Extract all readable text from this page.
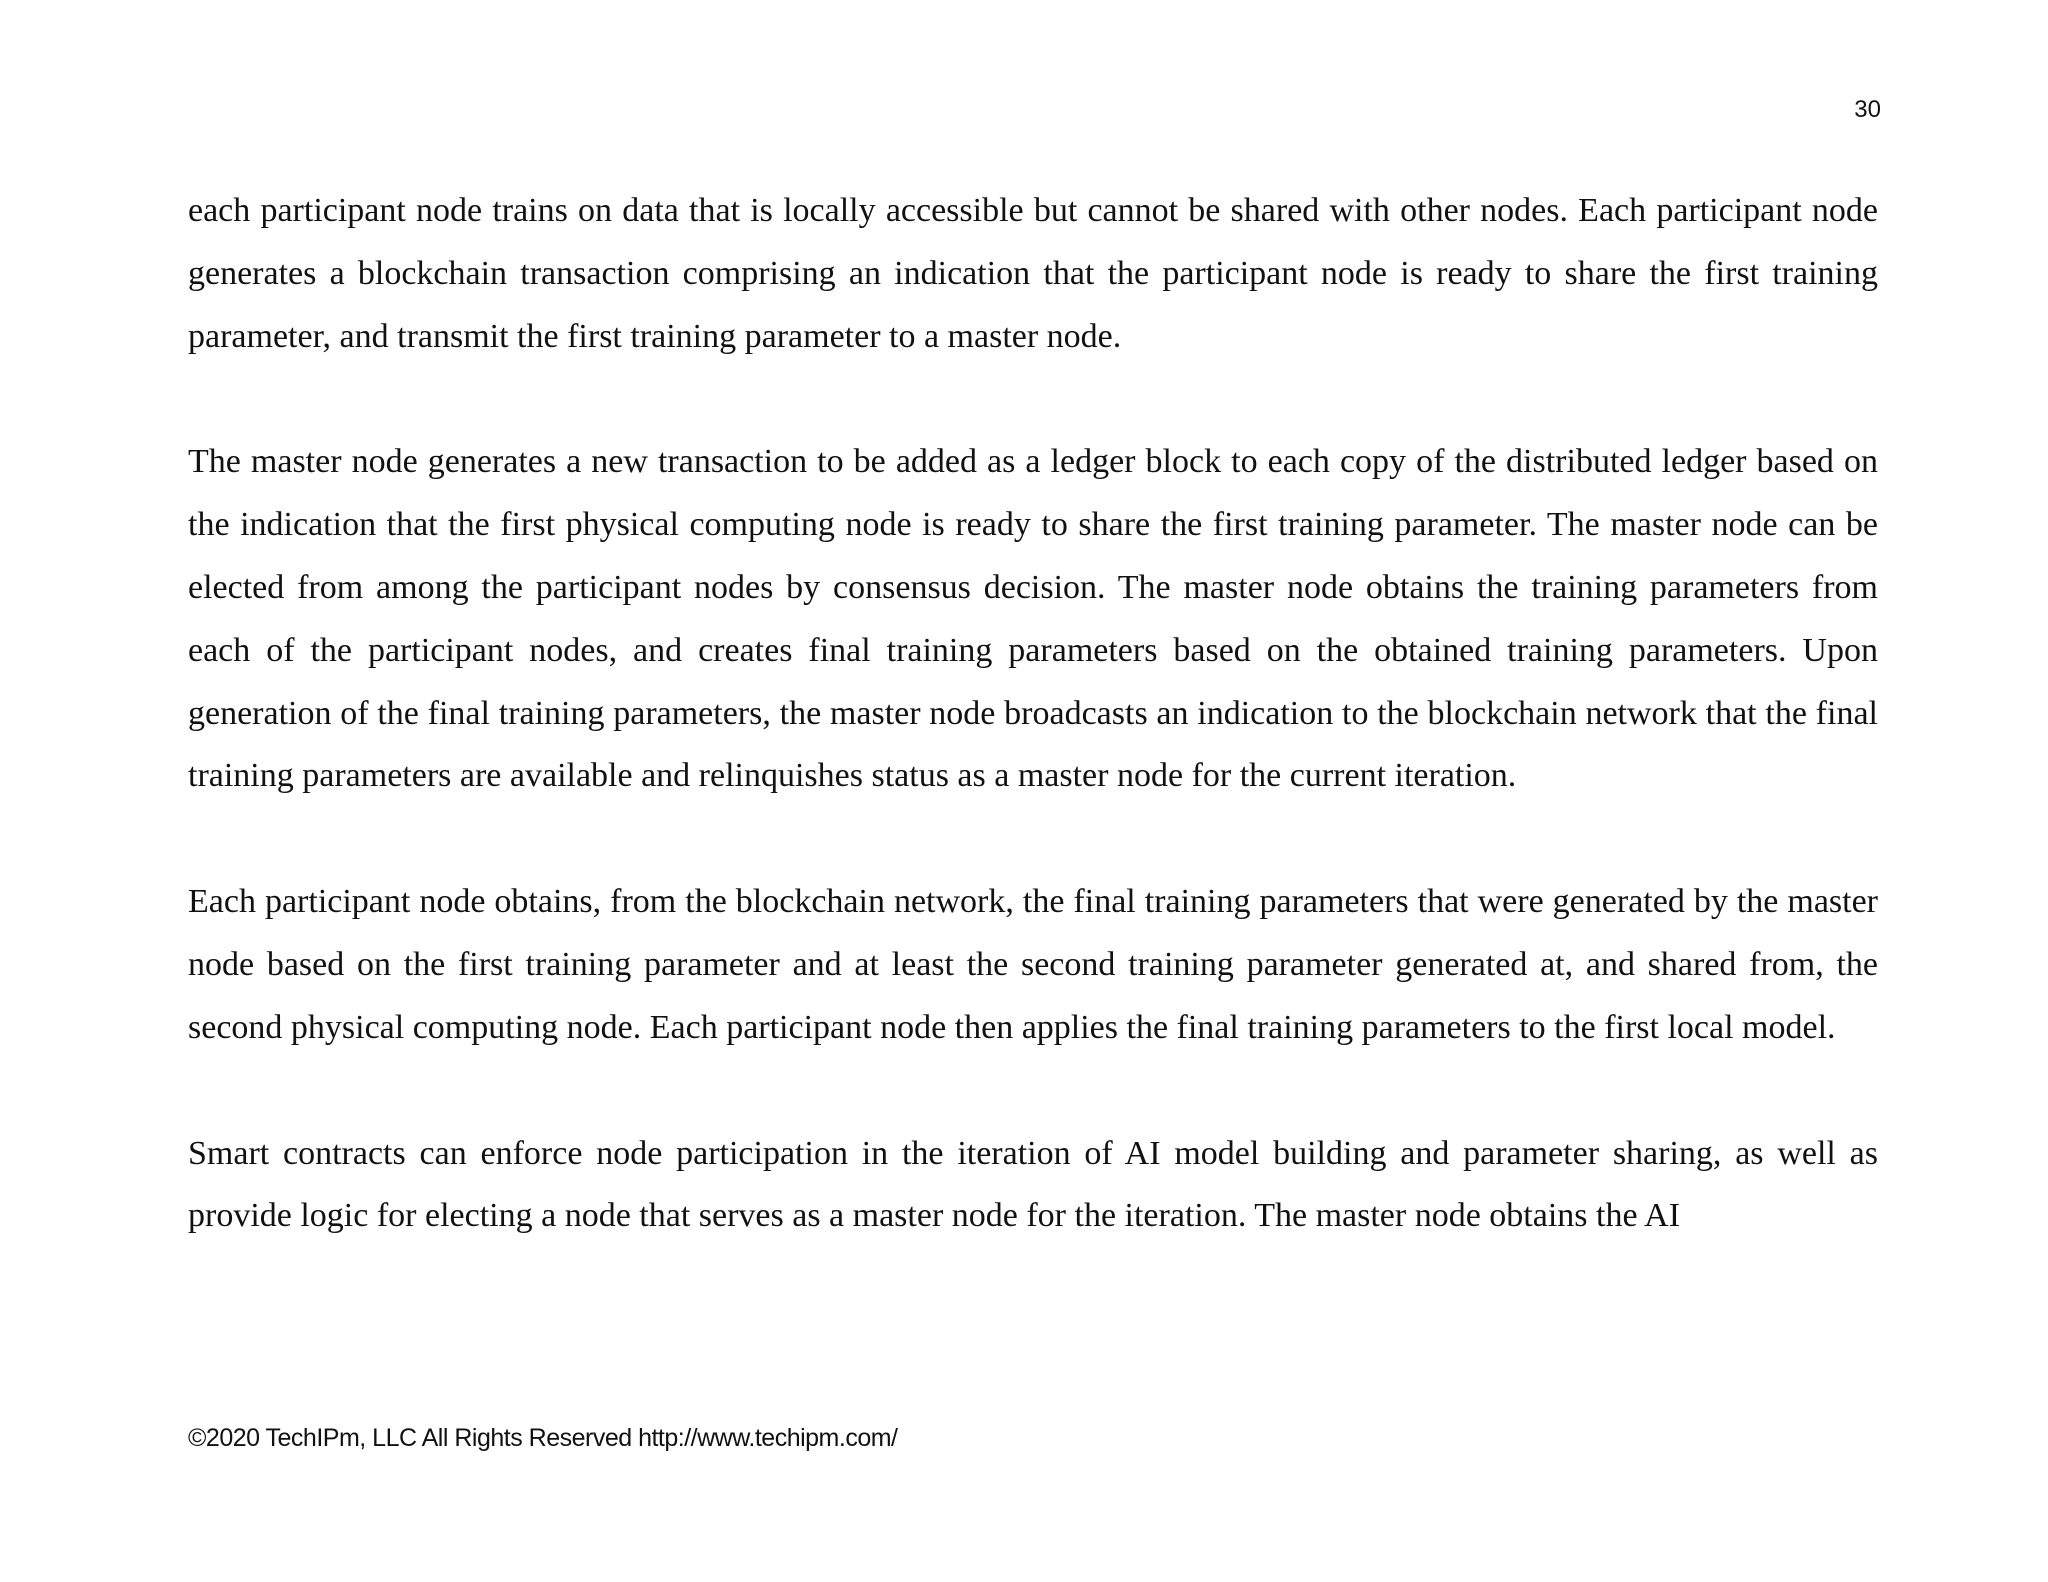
30

each participant node trains on data that is locally accessible but cannot be shared with other nodes. Each participant node generates a blockchain transaction comprising an indication that the participant node is ready to share the first training parameter, and transmit the first training parameter to a master node.

The master node generates a new transaction to be added as a ledger block to each copy of the distributed ledger based on the indication that the first physical computing node is ready to share the first training parameter. The master node can be elected from among the participant nodes by consensus decision. The master node obtains the training parameters from each of the participant nodes, and creates final training parameters based on the obtained training parameters. Upon generation of the final training parameters, the master node broadcasts an indication to the blockchain network that the final training parameters are available and relinquishes status as a master node for the current iteration.

Each participant node obtains, from the blockchain network, the final training parameters that were generated by the master node based on the first training parameter and at least the second training parameter generated at, and shared from, the second physical computing node. Each participant node then applies the final training parameters to the first local model.

Smart contracts can enforce node participation in the iteration of AI model building and parameter sharing, as well as provide logic for electing a node that serves as a master node for the iteration. The master node obtains the AI

©2020 TechIPm, LLC All Rights Reserved http://www.techipm.com/
